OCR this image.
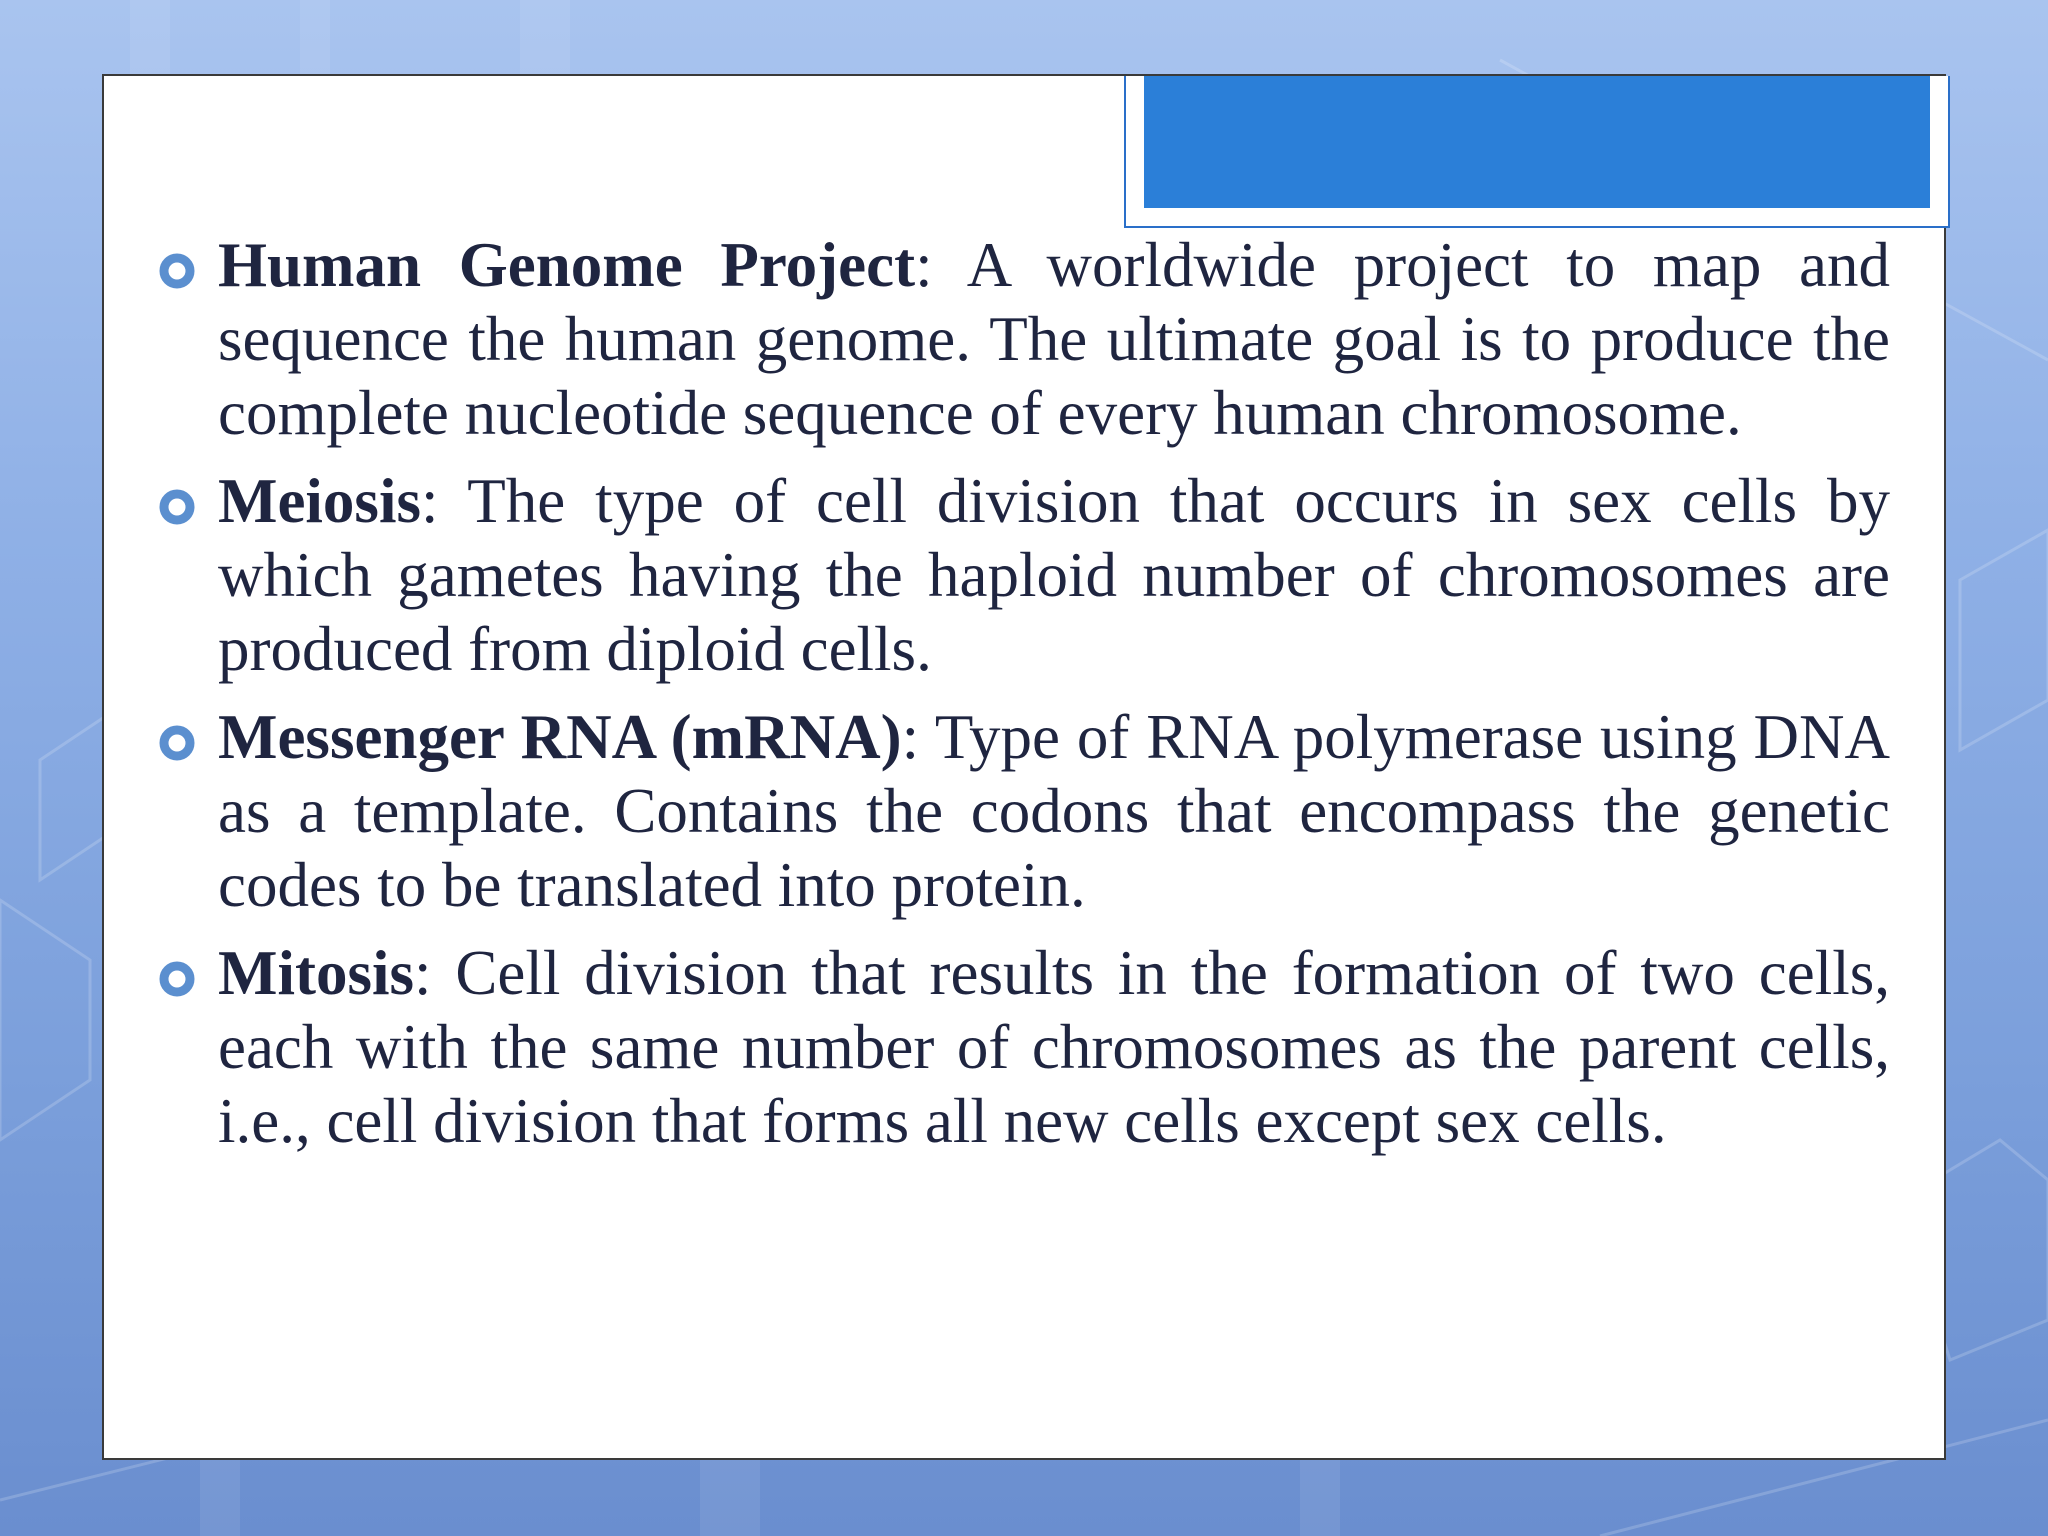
Human Genome Project: A worldwide project to map and sequence the human genome. The ultimate goal is to produce the complete nucleotide sequence of every human chromosome.
Meiosis: The type of cell division that occurs in sex cells by which gametes having the haploid number of chromosomes are produced from diploid cells.
Messenger RNA (mRNA): Type of RNA polymerase using DNA as a template. Contains the codons that encompass the genetic codes to be translated into protein.
Mitosis: Cell division that results in the formation of two cells, each with the same number of chromosomes as the parent cells, i.e., cell division that forms all new cells except sex cells.
